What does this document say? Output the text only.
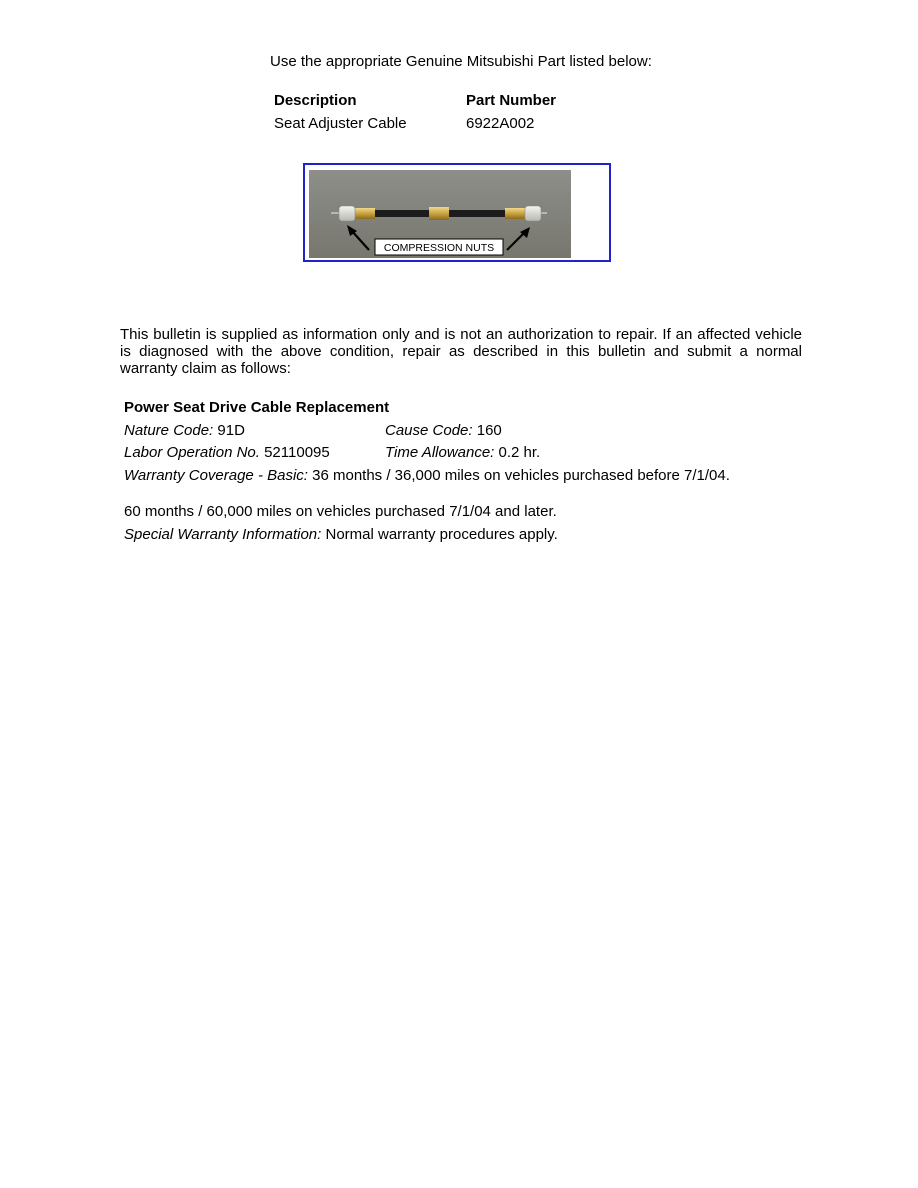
Use the appropriate Genuine Mitsubishi Part listed below:
Description	Part Number
Seat Adjuster Cable	6922A002
COMPRESSION NUTS
This bulletin is supplied as information only and is not an authorization to repair. If an affected vehicle is diagnosed with the above condition, repair as described in this bulletin and submit a normal warranty claim as follows:
Power Seat Drive Cable Replacement
Nature Code: 91D	Cause Code: 160
Labor Operation No. 52110095	Time Allowance: 0.2 hr.
Warranty Coverage - Basic: 36 months / 36,000 miles on vehicles purchased before 7/1/04.
60 months / 60,000 miles on vehicles purchased 7/1/04 and later.
Special Warranty Information: Normal warranty procedures apply.
